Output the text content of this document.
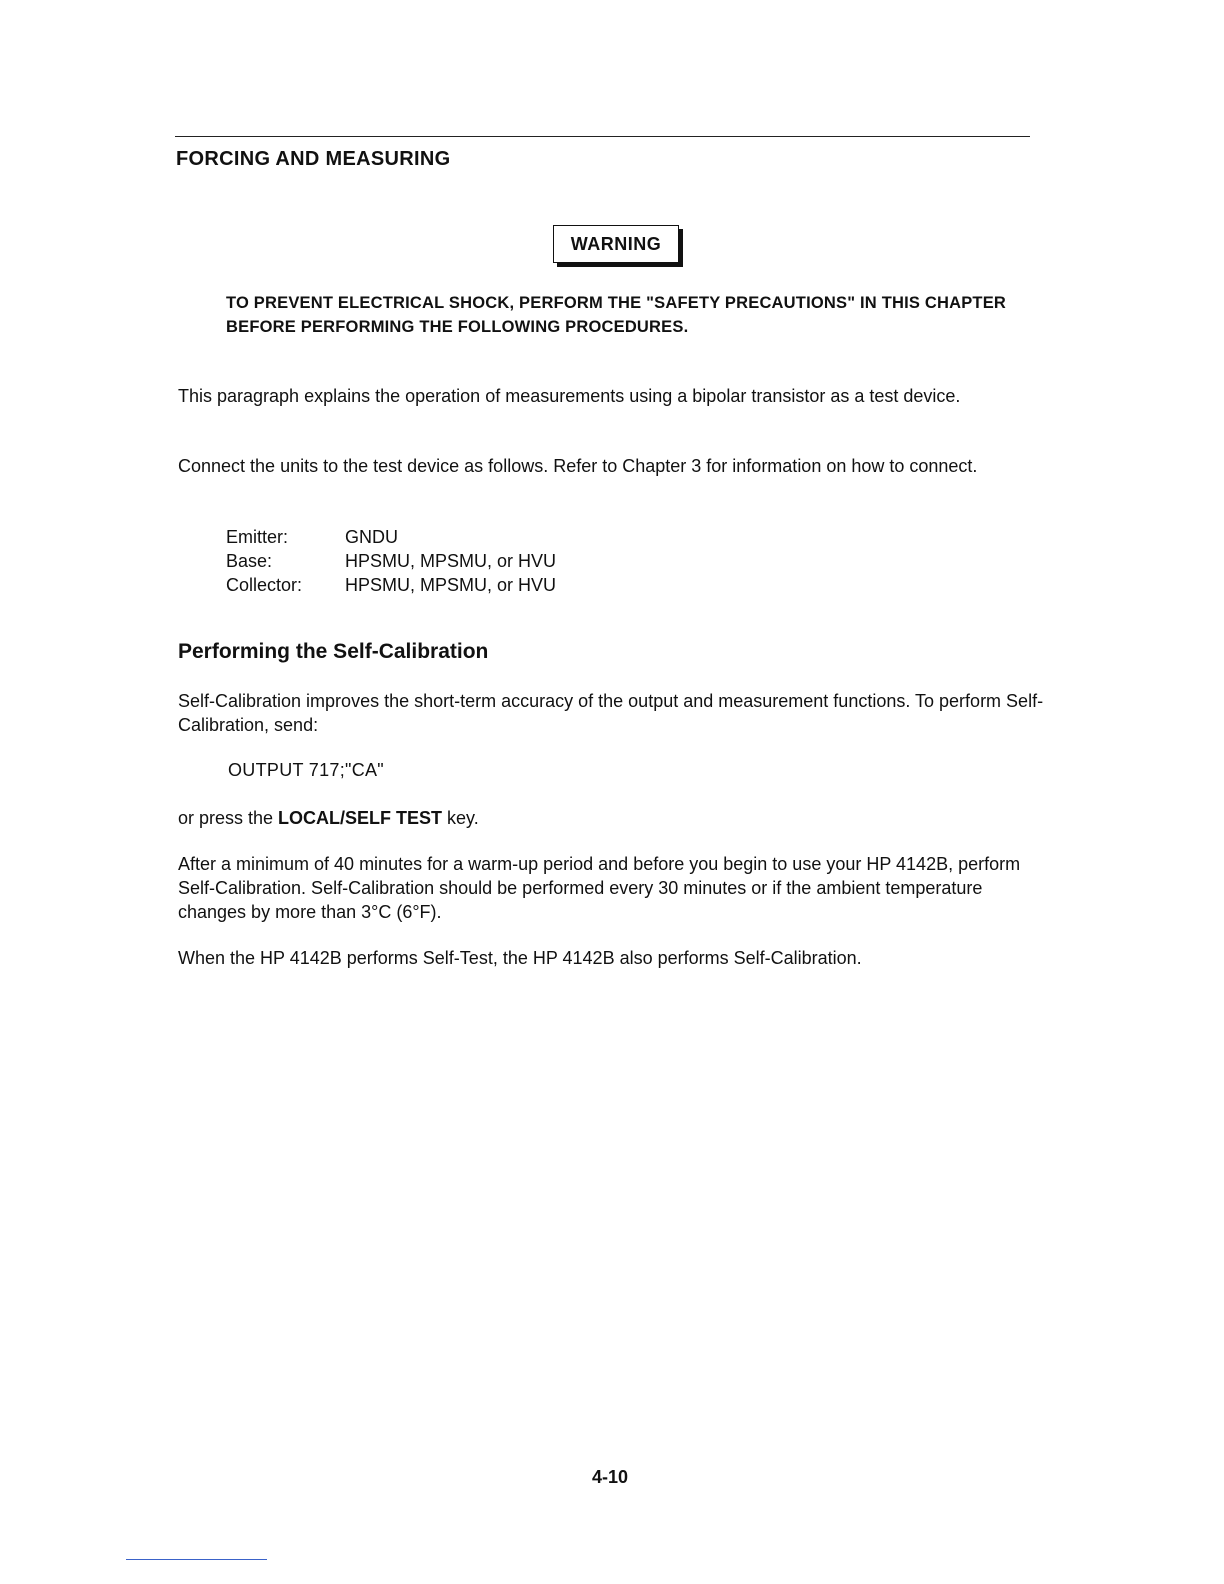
FORCING AND MEASURING
WARNING

TO PREVENT ELECTRICAL SHOCK, PERFORM THE "SAFETY PRECAUTIONS" IN THIS CHAPTER BEFORE PERFORMING THE FOLLOWING PROCEDURES.

This paragraph explains the operation of measurements using a bipolar transistor as a test device.

Connect the units to the test device as follows. Refer to Chapter 3 for information on how to connect.

Emitter:	GNDU
Base:	HPSMU, MPSMU, or HVU
Collector:	HPSMU, MPSMU, or HVU
Performing the Self-Calibration

Self-Calibration improves the short-term accuracy of the output and measurement functions. To perform Self-Calibration, send:

OUTPUT 717;"CA"

or press the LOCAL/SELF TEST key.

After a minimum of 40 minutes for a warm-up period and before you begin to use your HP 4142B, perform Self-Calibration. Self-Calibration should be performed every 30 minutes or if the ambient temperature changes by more than 3°C (6°F).

When the HP 4142B performs Self-Test, the HP 4142B also performs Self-Calibration.

4-10
